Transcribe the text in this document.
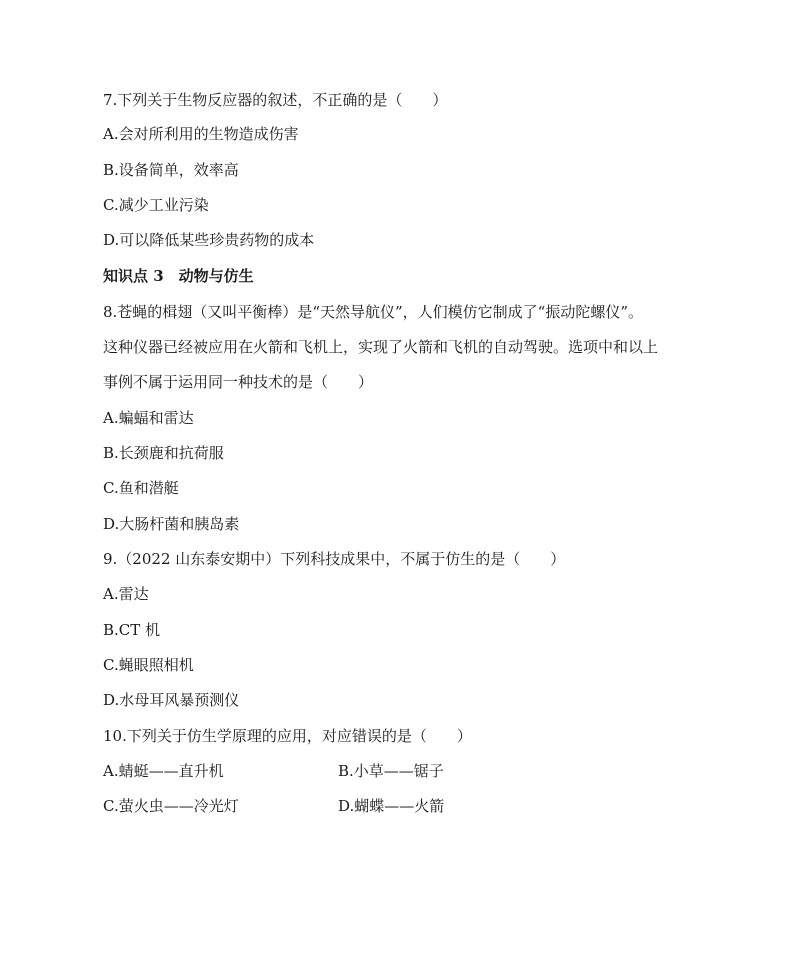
7.下列关于生物反应器的叙述，不正确的是（　　）
A.会对所利用的生物造成伤害
B.设备简单，效率高
C.减少工业污染
D.可以降低某些珍贵药物的成本
知识点 3　动物与仿生
8.苍蝇的楫翅（又叫平衡棒）是“天然导航仪”，人们模仿它制成了“振动陀螺仪”。
这种仪器已经被应用在火箭和飞机上，实现了火箭和飞机的自动驾驶。选项中和以上
事例不属于运用同一种技术的是（　　）
A.蝙蝠和雷达
B.长颈鹿和抗荷服
C.鱼和潜艇
D.大肠杆菌和胰岛素
9.（2022 山东泰安期中）下列科技成果中，不属于仿生的是（　　）
A.雷达
B.CT 机
C.蝇眼照相机
D.水母耳风暴预测仪
10.下列关于仿生学原理的应用，对应错误的是（　　）
A.蜻蜓——直升机	B.小草——锯子
C.萤火虫——冷光灯	D.蝴蝶——火箭
